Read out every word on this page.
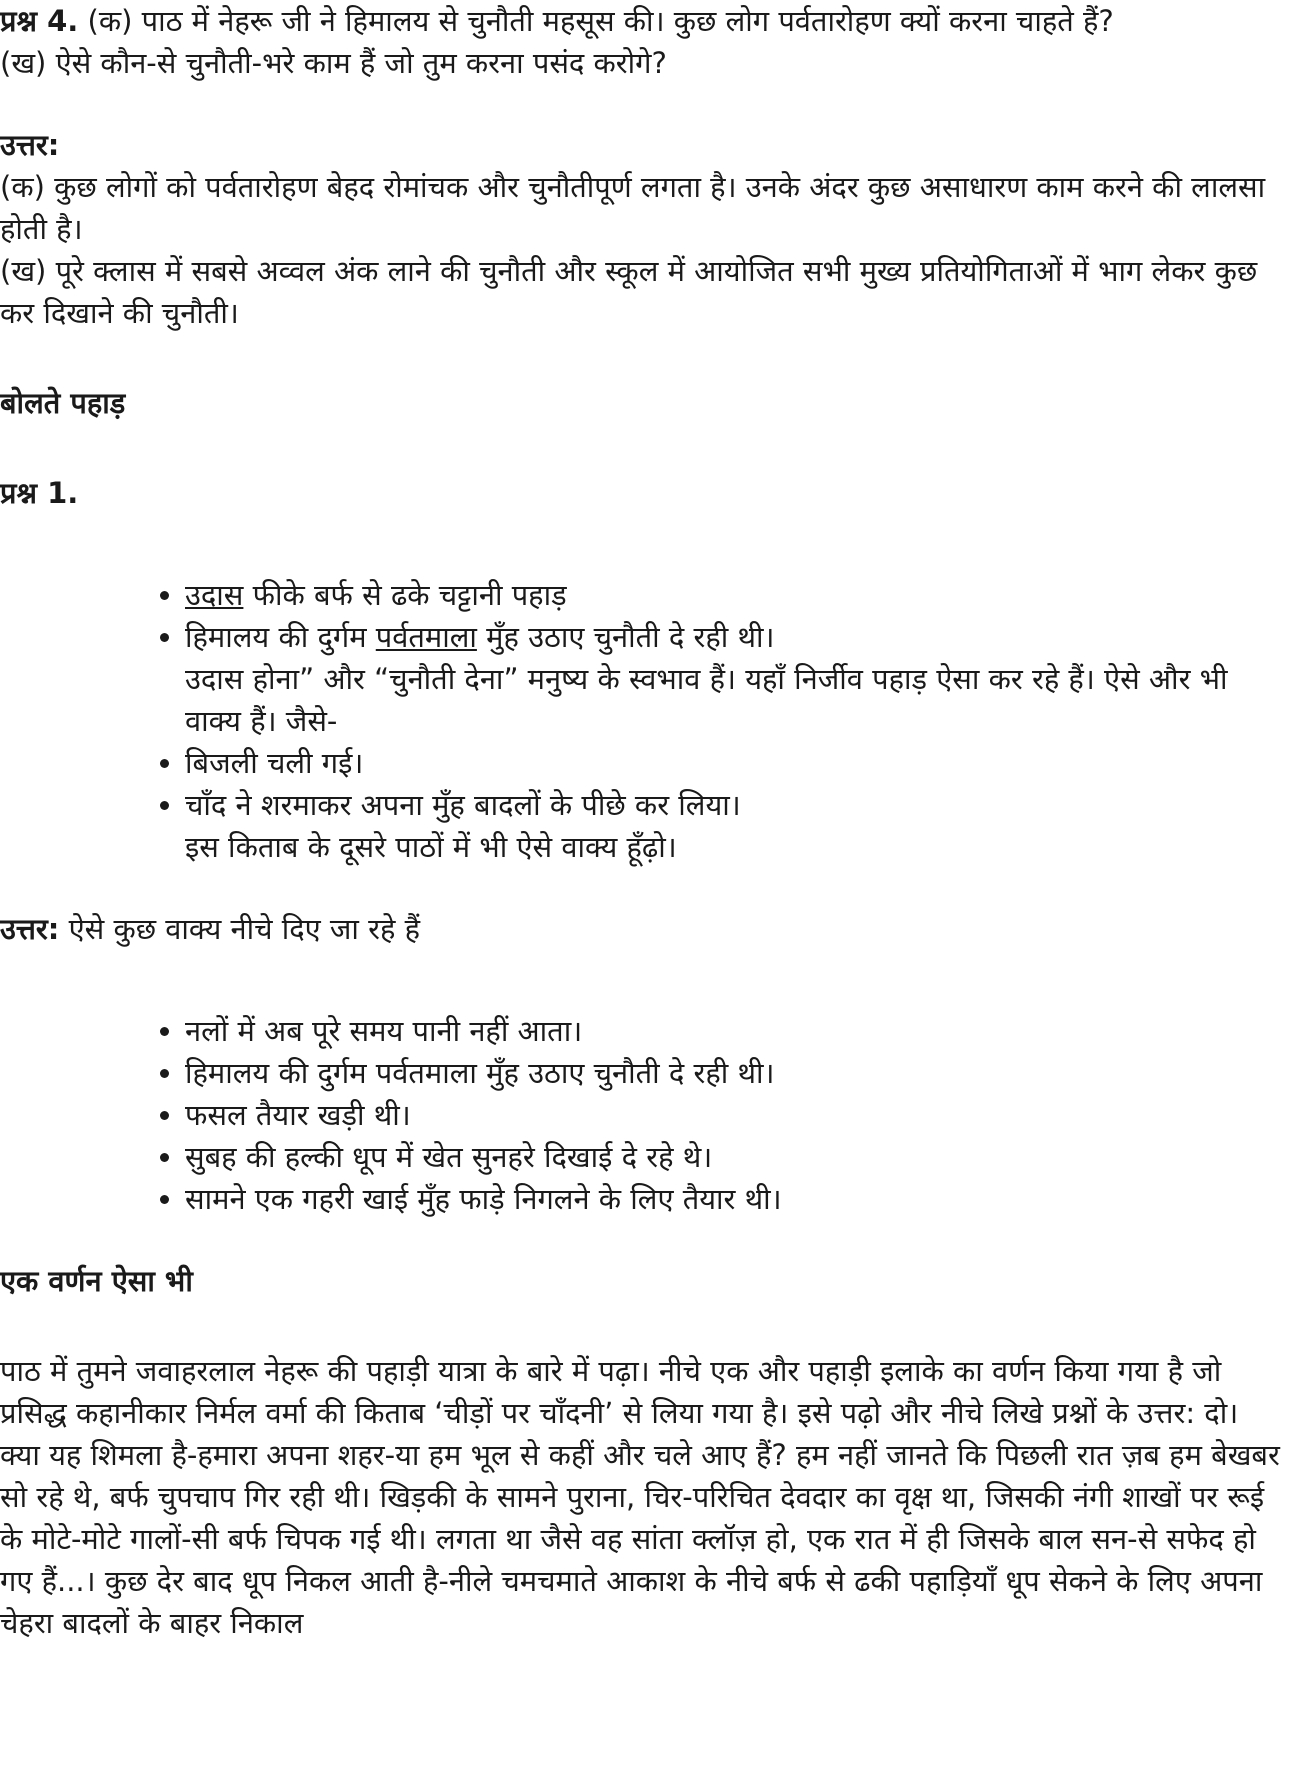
प्रश्न 4. (क) पाठ में नेहरू जी ने हिमालय से चुनौती महसूस की। कुछ लोग पर्वतारोहण क्यों करना चाहते हैं?

(ख) ऐसे कौन-से चुनौती-भरे काम हैं जो तुम करना पसंद करोगे?

उत्तर:

(क) कुछ लोगों को पर्वतारोहण बेहद रोमांचक और चुनौतीपूर्ण लगता है। उनके अंदर कुछ असाधारण काम करने की लालसा होती है।

(ख) पूरे क्लास में सबसे अव्वल अंक लाने की चुनौती और स्कूल में आयोजित सभी मुख्य प्रतियोगिताओं में भाग लेकर कुछ कर दिखाने की चुनौती।

बोलते पहाड़

प्रश्न 1.

• उदास फीके बर्फ से ढके चट्टानी पहाड़
• हिमालय की दुर्गम पर्वतमाला मुँह उठाए चुनौती दे रही थी।
उदास होना” और “चुनौती देना” मनुष्य के स्वभाव हैं। यहाँ निर्जीव पहाड़ ऐसा कर रहे हैं। ऐसे और भी वाक्य हैं। जैसे-
• बिजली चली गई।
• चाँद ने शरमाकर अपना मुँह बादलों के पीछे कर लिया।
इस किताब के दूसरे पाठों में भी ऐसे वाक्य हूँढ़ो।

उत्तर: ऐसे कुछ वाक्य नीचे दिए जा रहे हैं

• नलों में अब पूरे समय पानी नहीं आता।
• हिमालय की दुर्गम पर्वतमाला मुँह उठाए चुनौती दे रही थी।
• फसल तैयार खड़ी थी।
• सुबह की हल्की धूप में खेत सुनहरे दिखाई दे रहे थे।
• सामने एक गहरी खाई मुँह फाड़े निगलने के लिए तैयार थी।
एक वर्णन ऐसा भी

पाठ में तुमने जवाहरलाल नेहरू की पहाड़ी यात्रा के बारे में पढ़ा। नीचे एक और पहाड़ी इलाके का वर्णन किया गया है जो प्रसिद्ध कहानीकार निर्मल वर्मा की किताब ‘चीड़ों पर चाँदनी’ से लिया गया है। इसे पढ़ो और नीचे लिखे प्रश्नों के उत्तर: दो।

क्या यह शिमला है-हमारा अपना शहर-या हम भूल से कहीं और चले आए हैं? हम नहीं जानते कि पिछली रात ज़ब हम बेखबर सो रहे थे, बर्फ चुपचाप गिर रही थी। खिड़की के सामने पुराना, चिर-परिचित देवदार का वृक्ष था, जिसकी नंगी शाखों पर रूई के मोटे-मोटे गालों-सी बर्फ चिपक गई थी। लगता था जैसे वह सांता क्लॉज़ हो, एक रात में ही जिसके बाल सन-से सफेद हो गए हैं...। कुछ देर बाद धूप निकल आती है-नीले चमचमाते आकाश के नीचे बर्फ से ढकी पहाड़ियाँ धूप सेकने के लिए अपना चेहरा बादलों के बाहर निकाल
